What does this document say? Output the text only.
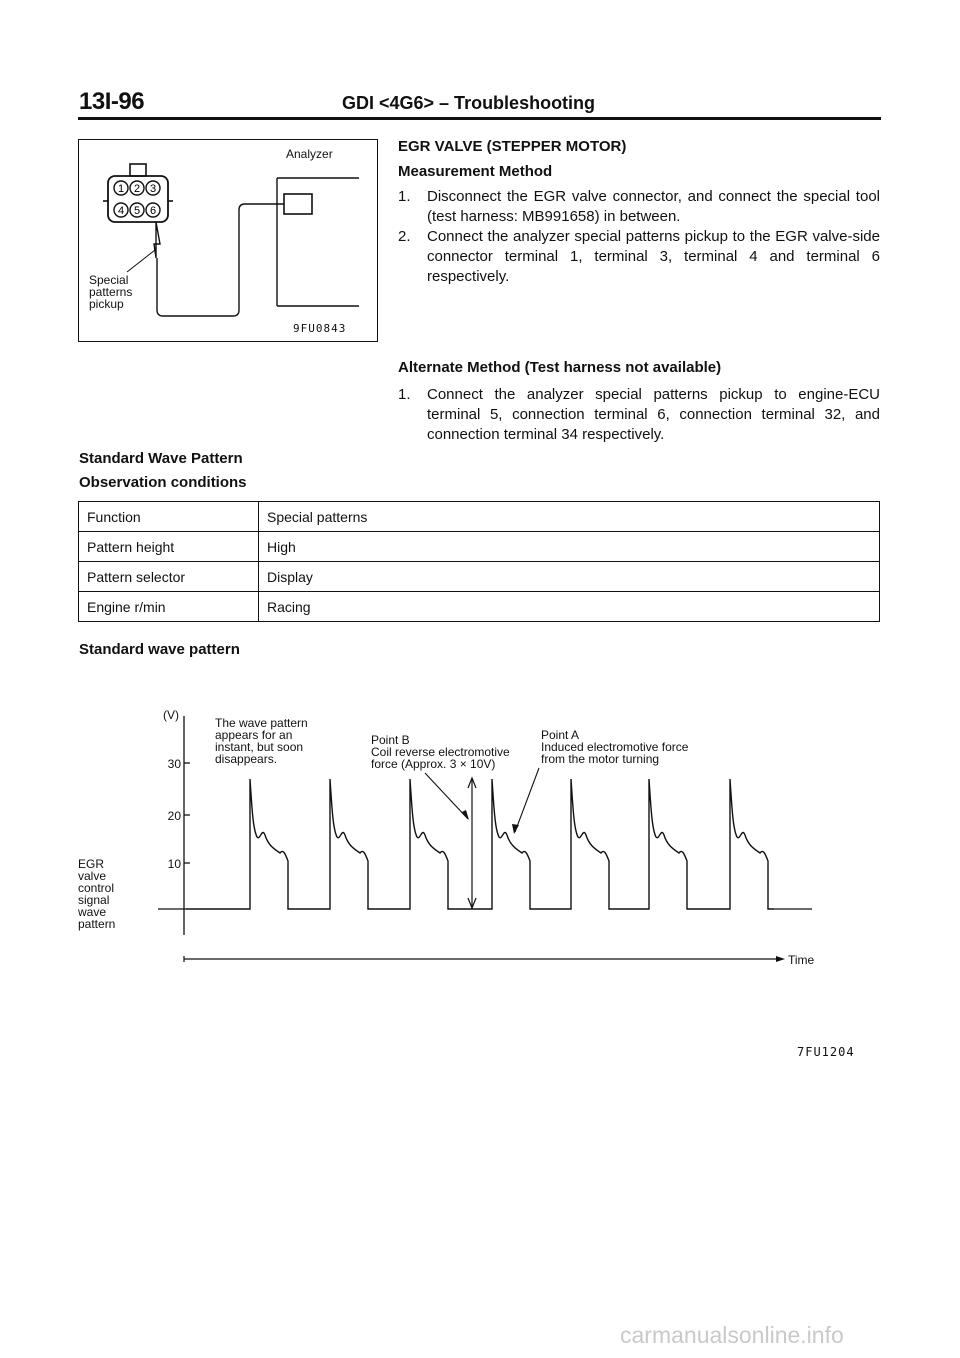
13I-96	GDI <4G6> – Troubleshooting
1 2 3
4 5 6
Analyzer
Special
patterns
pickup
9FU0843
EGR VALVE (STEPPER MOTOR)
Measurement Method
1. Disconnect the EGR valve connector, and connect the special tool (test harness: MB991658) in between.
2. Connect the analyzer special patterns pickup to the EGR valve-side connector terminal 1, terminal 3, terminal 4 and terminal 6 respectively.
Alternate Method (Test harness not available)
1. Connect the analyzer special patterns pickup to engine-ECU terminal 5, connection terminal 6, connection terminal 32, and connection terminal 34 respectively.
Standard Wave Pattern
Observation conditions
Function	Special patterns
Pattern height	High
Pattern selector	Display
Engine r/min	Racing
Standard wave pattern
(V)
30
20
10
EGR
valve
control
signal
wave
pattern
The wave pattern
appears for an
instant, but soon
disappears.
Point B
Coil reverse electromotive
force (Approx. 3 × 10V)
Point A
Induced electromotive force
from the motor turning
Time
7FU1204
carmanualsonline.info
